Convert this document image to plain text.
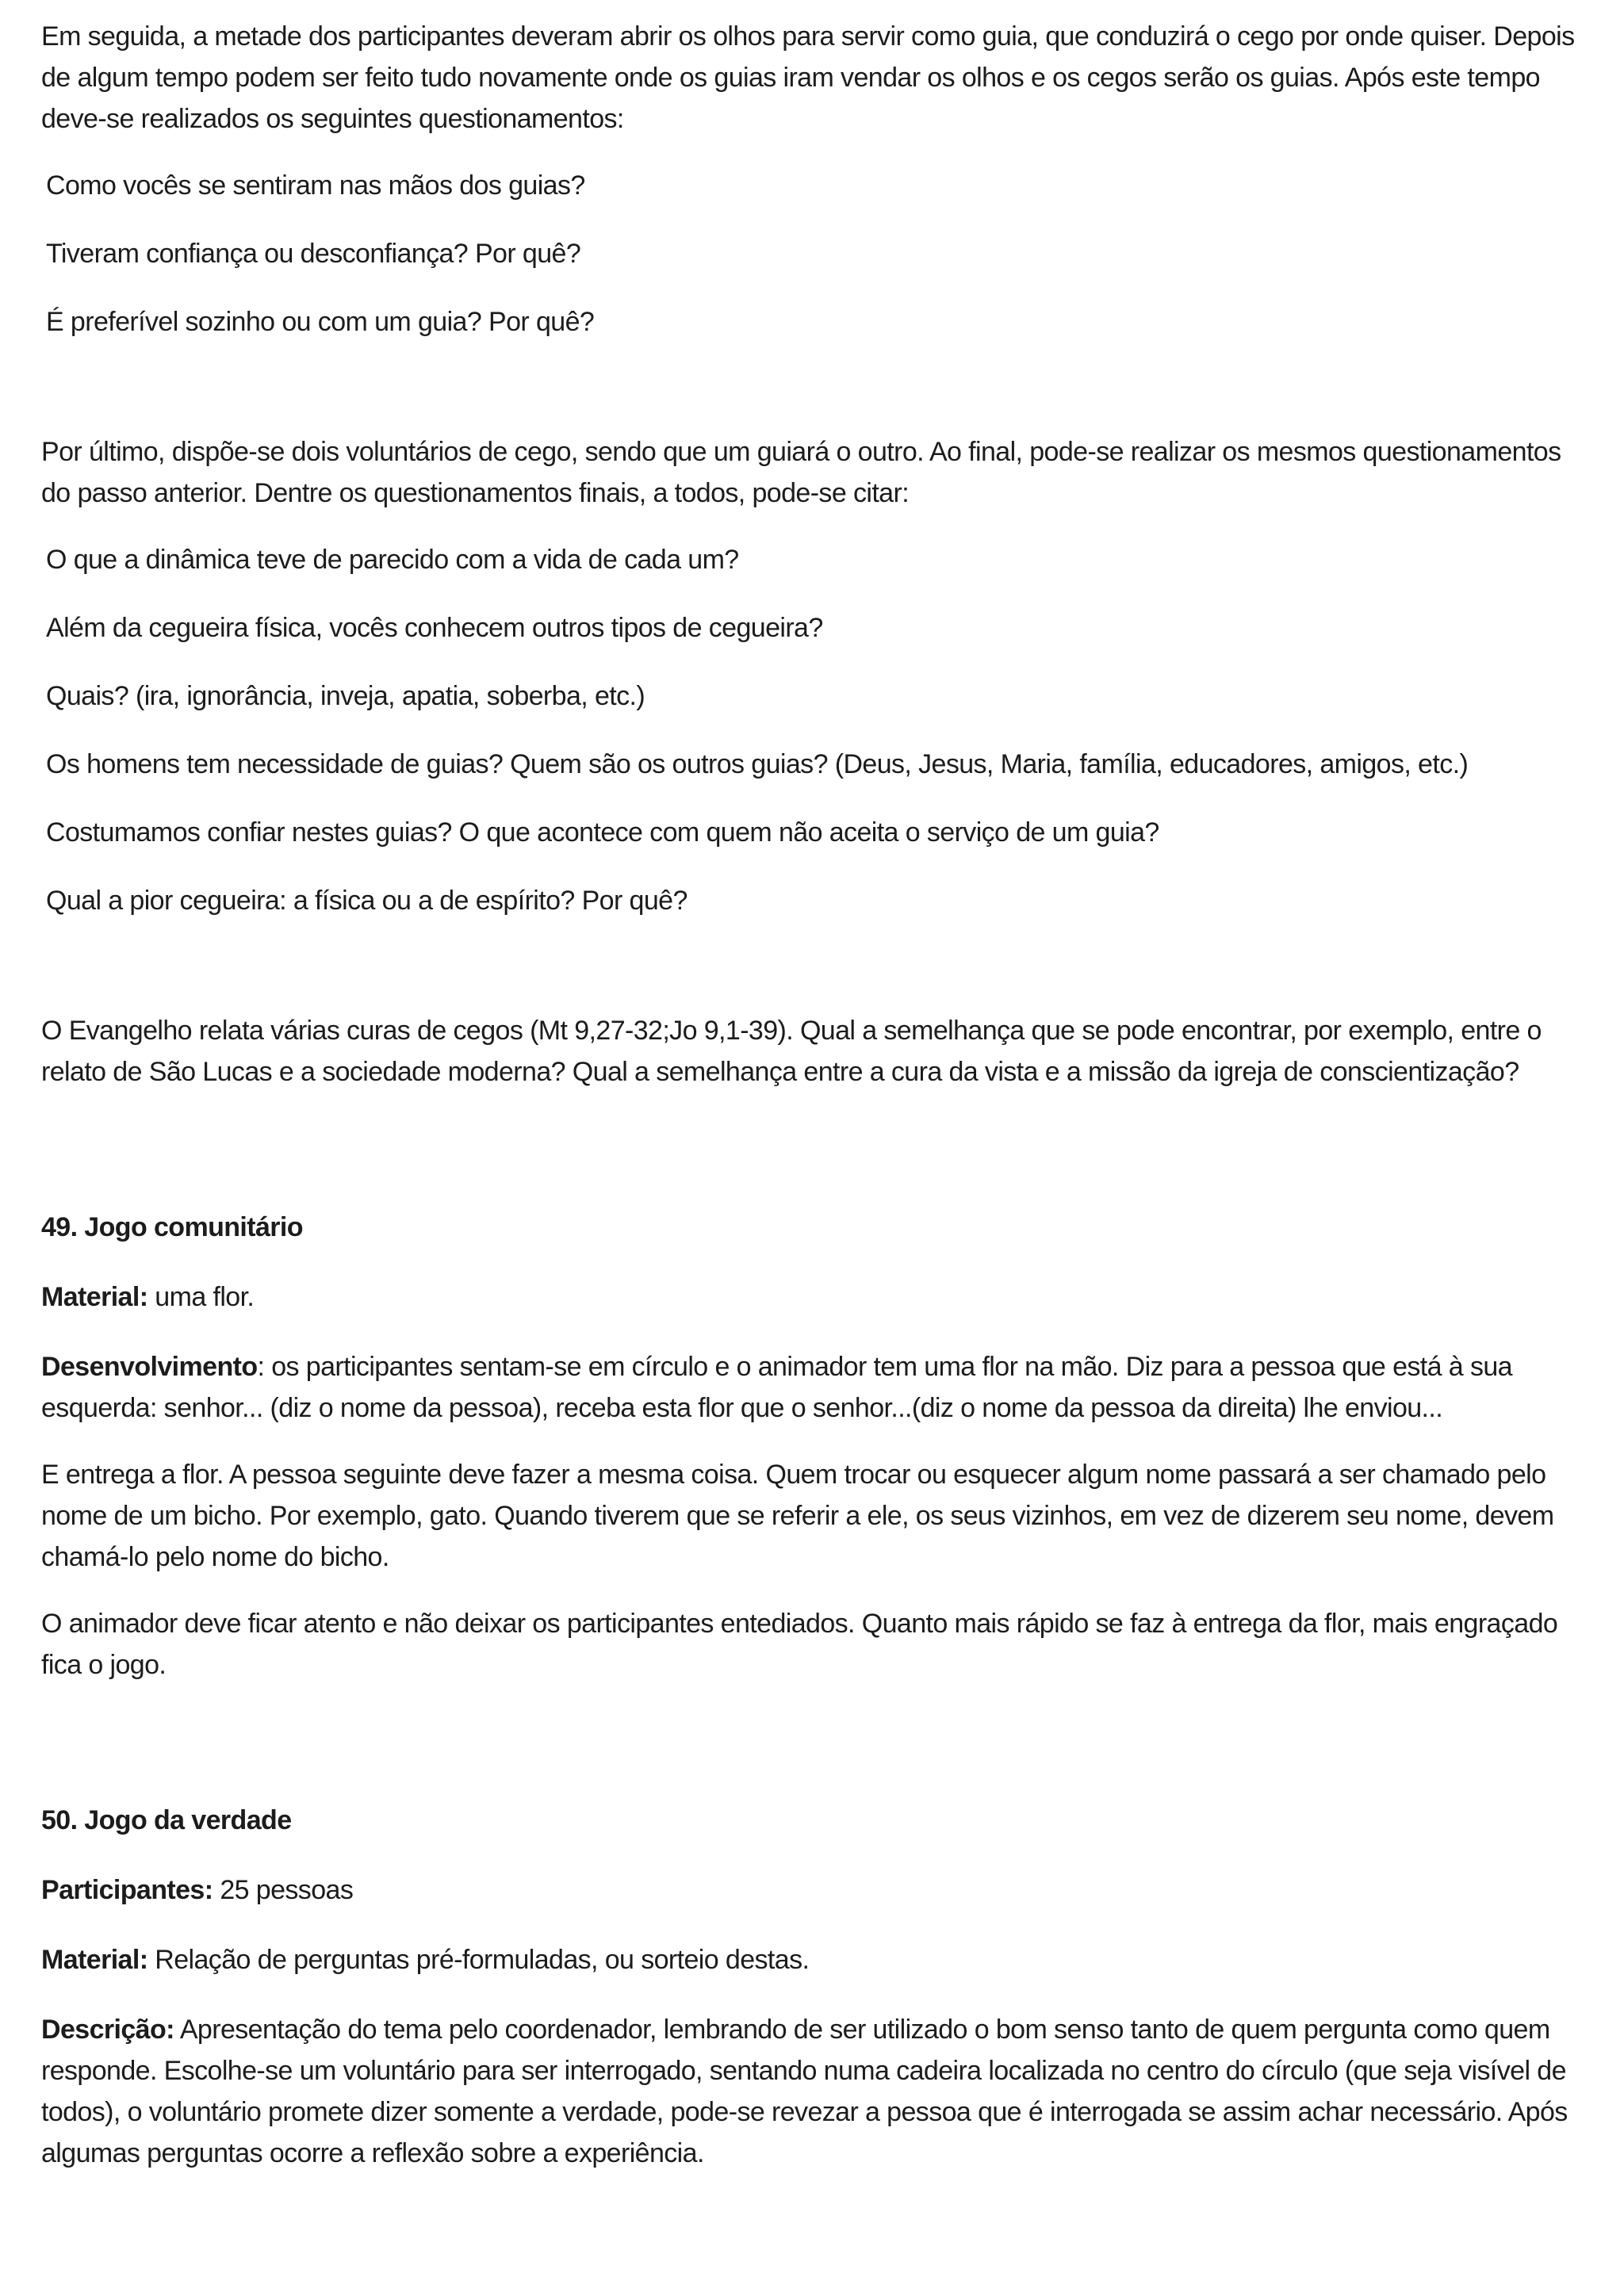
Em seguida, a metade dos participantes deveram abrir os olhos para servir como guia, que conduzirá o cego por onde quiser. Depois de algum tempo podem ser feito tudo novamente onde os guias iram vendar os olhos e os cegos serão os guias. Após este tempo deve-se realizados os seguintes questionamentos:

Como vocês se sentiram nas mãos dos guias?

Tiveram confiança ou desconfiança? Por quê?

É preferível sozinho ou com um guia? Por quê?

Por último, dispõe-se dois voluntários de cego, sendo que um guiará o outro. Ao final, pode-se realizar os mesmos questionamentos do passo anterior. Dentre os questionamentos finais, a todos, pode-se citar:

O que a dinâmica teve de parecido com a vida de cada um?

Além da cegueira física, vocês conhecem outros tipos de cegueira?

Quais? (ira, ignorância, inveja, apatia, soberba, etc.)

Os homens tem necessidade de guias? Quem são os outros guias? (Deus, Jesus, Maria, família, educadores, amigos, etc.)

Costumamos confiar nestes guias? O que acontece com quem não aceita o serviço de um guia?

Qual a pior cegueira: a física ou a de espírito? Por quê?

O Evangelho relata várias curas de cegos (Mt 9,27-32;Jo 9,1-39). Qual a semelhança que se pode encontrar, por exemplo, entre o relato de São Lucas e a sociedade moderna? Qual a semelhança entre a cura da vista e a missão da igreja de conscientização?

49. Jogo comunitário

Material: uma flor.

Desenvolvimento: os participantes sentam-se em círculo e o animador tem uma flor na mão. Diz para a pessoa que está à sua esquerda: senhor... (diz o nome da pessoa), receba esta flor que o senhor...(diz o nome da pessoa da direita) lhe enviou...

E entrega a flor. A pessoa seguinte deve fazer a mesma coisa. Quem trocar ou esquecer algum nome passará a ser chamado pelo nome de um bicho. Por exemplo, gato. Quando tiverem que se referir a ele, os seus vizinhos, em vez de dizerem seu nome, devem chamá-lo pelo nome do bicho.

O animador deve ficar atento e não deixar os participantes entediados. Quanto mais rápido se faz à entrega da flor, mais engraçado fica o jogo.

50. Jogo da verdade

Participantes: 25 pessoas

Material: Relação de perguntas pré-formuladas, ou sorteio destas.

Descrição: Apresentação do tema pelo coordenador, lembrando de ser utilizado o bom senso tanto de quem pergunta como quem responde. Escolhe-se um voluntário para ser interrogado, sentando numa cadeira localizada no centro do círculo (que seja visível de todos), o voluntário promete dizer somente a verdade, pode-se revezar a pessoa que é interrogada se assim achar necessário. Após algumas perguntas ocorre a reflexão sobre a experiência.
